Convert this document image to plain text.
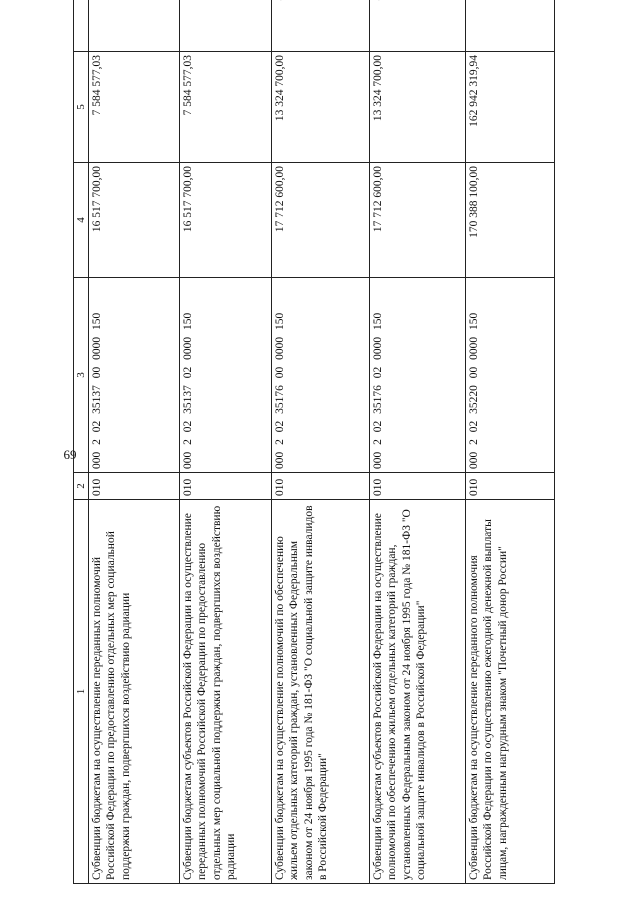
69
1	2	3	4	5	
Субвенции бюджетам на осуществление переданных полномочий Российской Федерации по предоставлению отдельных мер социальной поддержки граждан, подвергшихся воздействию радиации	010	000 2 02 35137 00 0000 150	16 517 700,00	7 584 577,03	
Субвенции бюджетам субъектов Российской Федерации на осуществление переданных полномочий Российской Федерации по предоставлению отдельных мер социальной поддержки граждан, подвергшихся воздействию радиации	010	000 2 02 35137 02 0000 150	16 517 700,00	7 584 577,03	
Субвенции бюджетам на осуществление полномочий по обеспечению жильем отдельных категорий граждан, установленных Федеральным законом от 24 ноября 1995 года № 181-ФЗ "О социальной защите инвалидов в Российской Федерации"	010	000 2 02 35176 00 0000 150	17 712 600,00	13 324 700,00	
Субвенции бюджетам субъектов Российской Федерации на осуществление полномочий по обеспечению жильем отдельных категорий граждан, установленных Федеральным законом от 24 ноября 1995 года № 181-ФЗ "О социальной защите инвалидов в Российской Федерации"	010	000 2 02 35176 02 0000 150	17 712 600,00	13 324 700,00	
Субвенции бюджетам на осуществление переданного полномочия Российской Федерации по осуществлению ежегодной денежной выплаты лицам, награжденным нагрудным знаком "Почетный донор России"	010	000 2 02 35220 00 0000 150	170 388 100,00	162 942 319,94	
